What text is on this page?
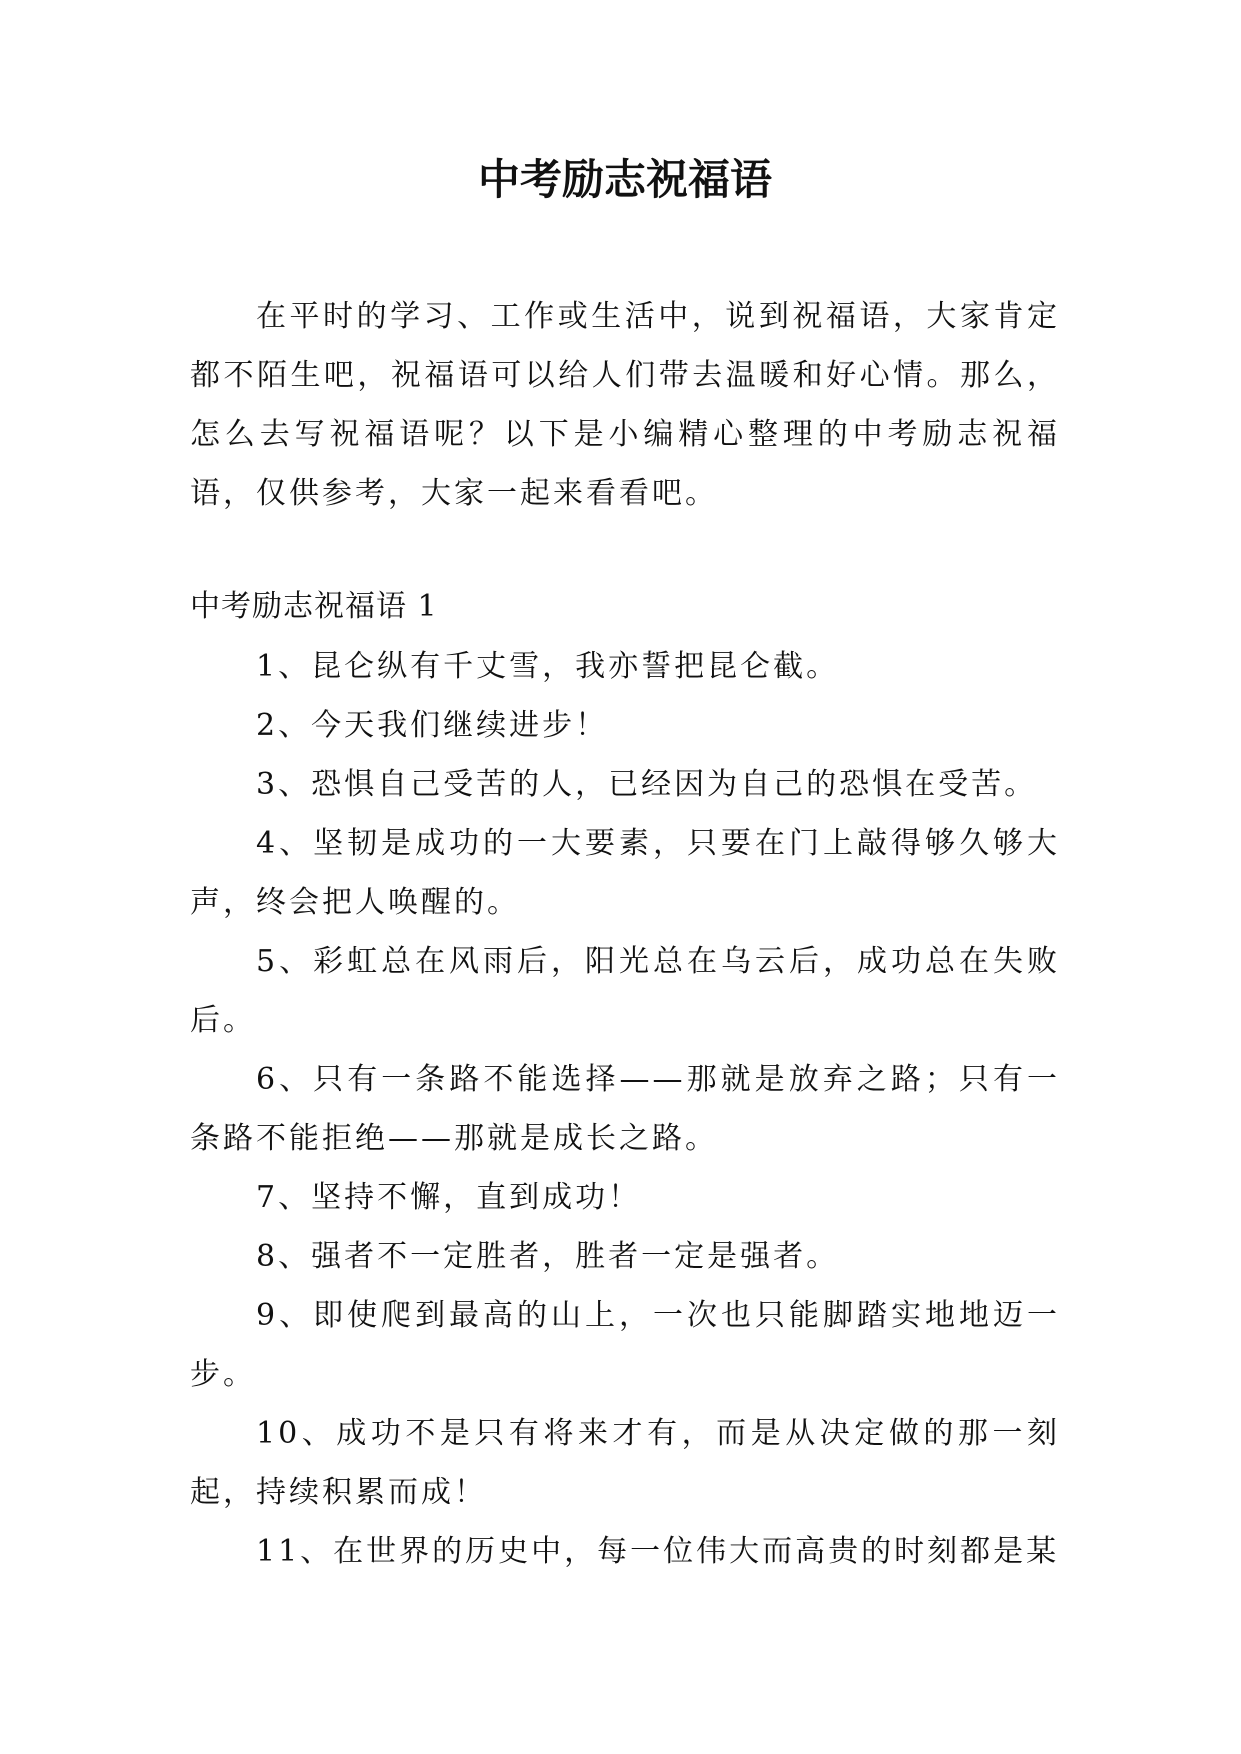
中考励志祝福语

在平时的学习、工作或生活中，说到祝福语，大家肯定都不陌生吧，祝福语可以给人们带去温暖和好心情。那么，怎么去写祝福语呢？以下是小编精心整理的中考励志祝福语，仅供参考，大家一起来看看吧。

中考励志祝福语 1
1、昆仑纵有千丈雪，我亦誓把昆仑截。
2、今天我们继续进步！
3、恐惧自己受苦的人，已经因为自己的恐惧在受苦。
4、坚韧是成功的一大要素，只要在门上敲得够久够大声，终会把人唤醒的。
5、彩虹总在风雨后，阳光总在乌云后，成功总在失败后。
6、只有一条路不能选择——那就是放弃之路；只有一条路不能拒绝——那就是成长之路。
7、坚持不懈，直到成功！
8、强者不一定胜者，胜者一定是强者。
9、即使爬到最高的山上，一次也只能脚踏实地地迈一步。
10、成功不是只有将来才有，而是从决定做的那一刻起，持续积累而成！
11、在世界的历史中，每一位伟大而高贵的时刻都是某
